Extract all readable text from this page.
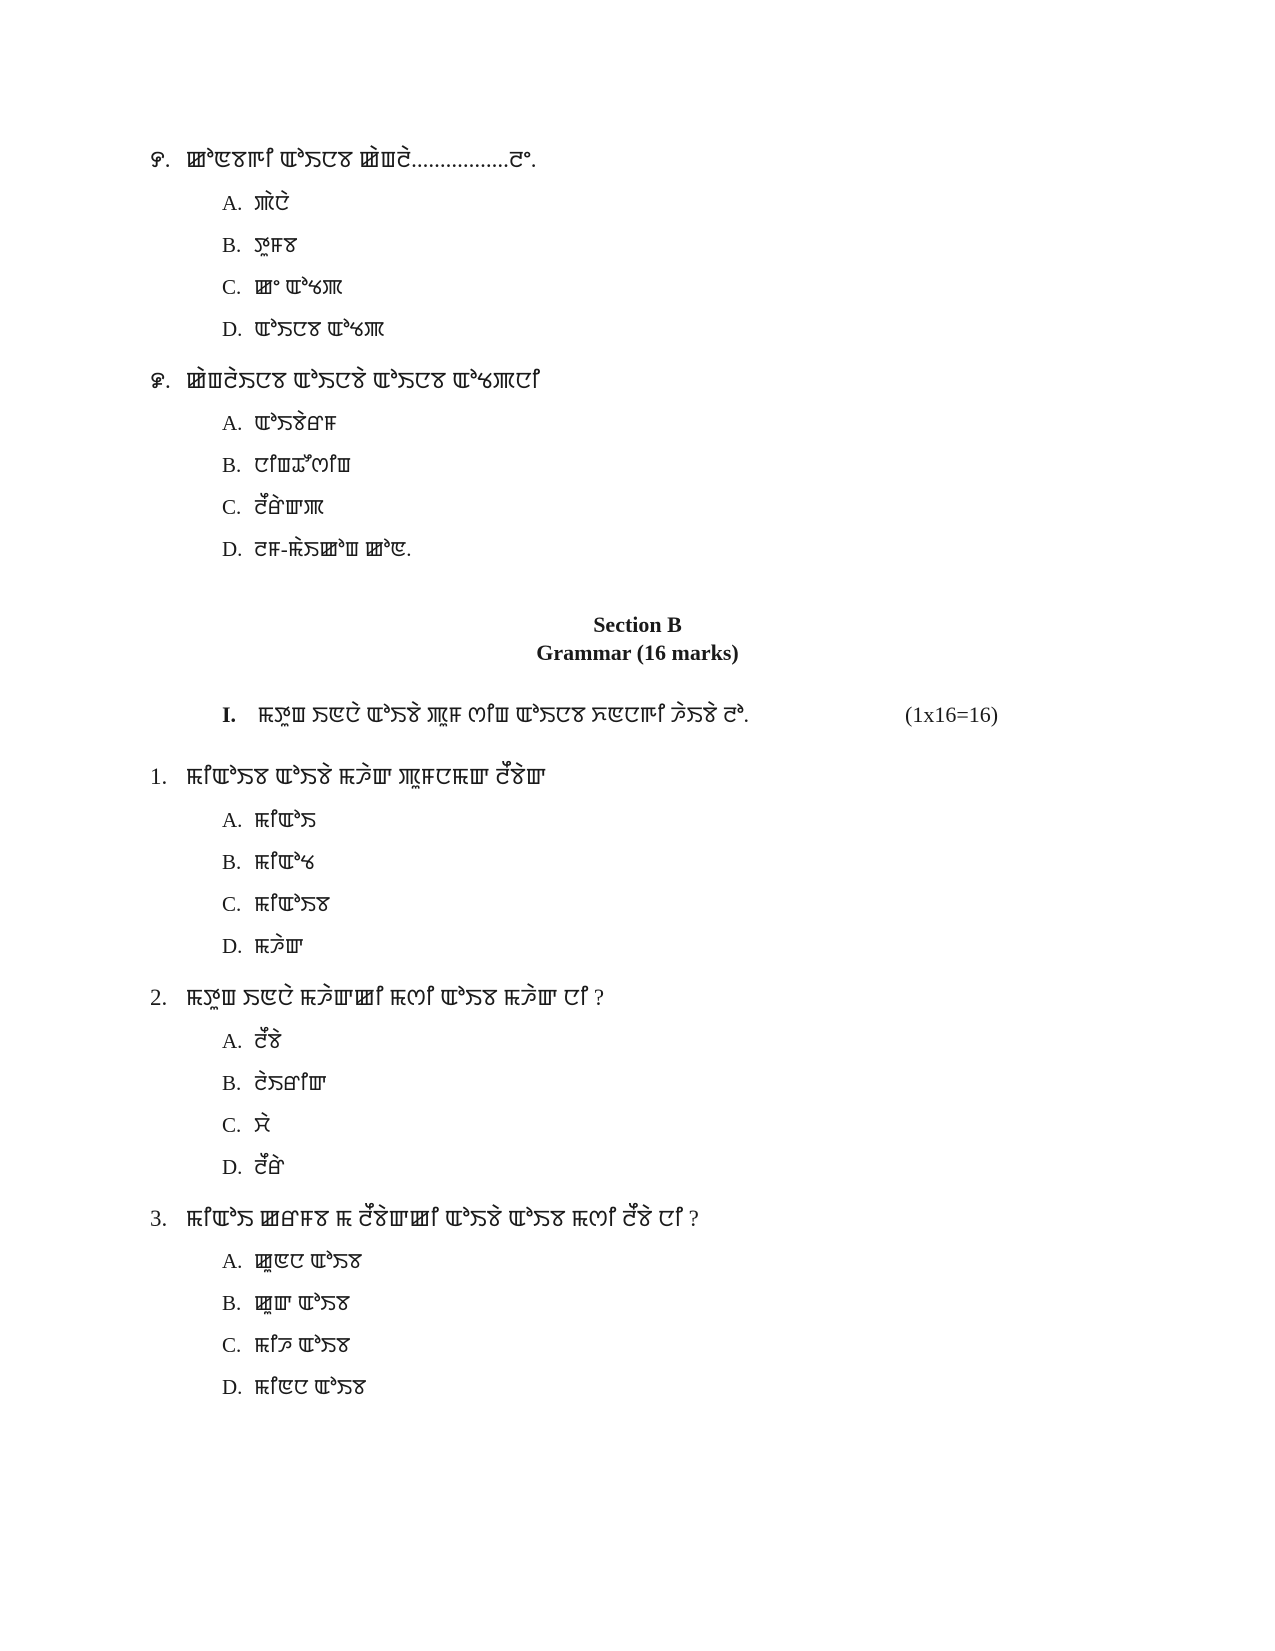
꯸. ꯀꯣꯟꯕꯒꯤ ꯑꯣꯏꯅꯕ ꯀꯥꯡꯂꯥ.................ꯂꯦ.
A. ꯄꯥꯅꯥ
B. ꯇꯨꯝꯕ
C. ꯀꯦ ꯑꯣꯠꯄ
D. ꯑꯣꯏꯅꯕ ꯑꯣꯠꯄ
꯹. ꯀꯥꯡꯂꯥꯏꯅꯕ ꯑꯣꯏꯅꯕꯥ ꯑꯣꯏꯅꯕ ꯑꯣꯠꯄꯅꯤ
A. ꯑꯣꯏꯕꯥꯔꯝ
B. ꯅꯤꯡꯊꯧꯁꯤꯡ
C. ꯂꯩꯔꯥꯛꯄ
D. ꯂꯝ-ꯃꯥꯏꯀꯣꯡ ꯀꯣꯟ.
Section B
Grammar (16 marks)
I. ꯃꯇꯨꯡ ꯏꯟꯅꯥ ꯑꯣꯏꯕꯥ ꯄꯨꯝ ꯁꯤꯡ ꯑꯣꯏꯅꯕ ꯈꯟꯅꯒꯤ ꯍꯥꯏꯕꯥ ꯂꯣ.	(1x16=16)
1. ꯃꯤꯑꯣꯏꯕ ꯑꯣꯏꯕꯥ ꯃꯍꯥꯛ ꯄꯨꯝꯅꯃꯛ ꯂꯩꯕꯥꯛ
A. ꯃꯤꯑꯣꯏ
B. ꯃꯤꯑꯣꯠ
C. ꯃꯤꯑꯣꯏꯕ
D. ꯃꯍꯥꯛ
2. ꯃꯇꯨꯡ ꯏꯟꯅꯥ ꯃꯍꯥꯛꯀꯤ ꯃꯁꯤ ꯑꯣꯏꯕ ꯃꯍꯥꯛ ꯅꯤ ?
A. ꯂꯩꯕꯥ
B. ꯂꯥꯏꯔꯤꯛ
C. ꯆꯥ
D. ꯂꯩꯔꯥ
3. ꯃꯤꯑꯣꯏ ꯀꯔꯝꯕ ꯃ ꯂꯩꯕꯥꯛꯀꯤ ꯑꯣꯏꯕꯥ ꯑꯣꯏꯕ ꯃꯁꯤ ꯂꯩꯕꯥ ꯅꯤ ?
A. ꯀꯨꯟꯅ ꯑꯣꯏꯕ
B. ꯀꯨꯛ ꯑꯣꯏꯕ
C. ꯃꯤꯍ ꯑꯣꯏꯕ
D. ꯃꯤꯟꯅ ꯑꯣꯏꯕ
